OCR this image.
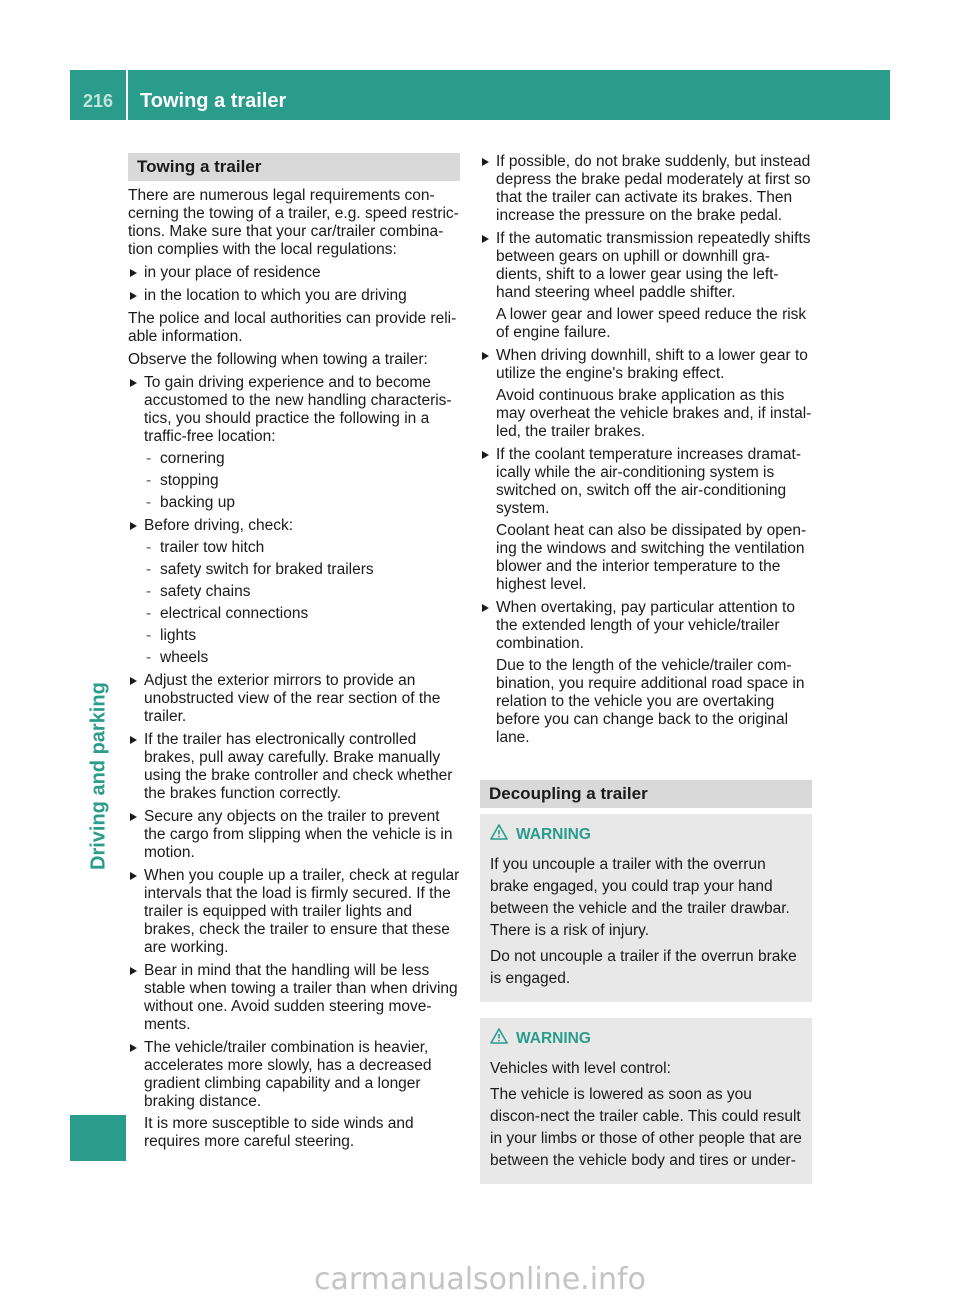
216	Towing a trailer
Driving and parking
Towing a trailer

There are numerous legal requirements con-cerning the towing of a trailer, e.g. speed restric-tions. Make sure that your car/trailer combina-tion complies with the local regulations:

in your place of residence
in the location to which you are driving

The police and local authorities can provide reli-able information.

Observe the following when towing a trailer:

To gain driving experience and to become accustomed to the new handling characteris-tics, you should practice the following in a traffic-free location:
- cornering
- stopping
- backing up
Before driving, check:
- trailer tow hitch
- safety switch for braked trailers
- safety chains
- electrical connections
- lights
- wheels
Adjust the exterior mirrors to provide an unobstructed view of the rear section of the trailer.
If the trailer has electronically controlled brakes, pull away carefully. Brake manually using the brake controller and check whether the brakes function correctly.
Secure any objects on the trailer to prevent the cargo from slipping when the vehicle is in motion.
When you couple up a trailer, check at regular intervals that the load is firmly secured. If the trailer is equipped with trailer lights and brakes, check the trailer to ensure that these are working.
Bear in mind that the handling will be less stable when towing a trailer than when driving without one. Avoid sudden steering move-ments.
The vehicle/trailer combination is heavier, accelerates more slowly, has a decreased gradient climbing capability and a longer braking distance.

It is more susceptible to side winds and requires more careful steering.

If possible, do not brake suddenly, but instead depress the brake pedal moderately at first so that the trailer can activate its brakes. Then increase the pressure on the brake pedal.
If the automatic transmission repeatedly shifts between gears on uphill or downhill gra-dients, shift to a lower gear using the left-hand steering wheel paddle shifter.

A lower gear and lower speed reduce the risk of engine failure.

When driving downhill, shift to a lower gear to utilize the engine's braking effect.

Avoid continuous brake application as this may overheat the vehicle brakes and, if instal-led, the trailer brakes.

If the coolant temperature increases dramat-ically while the air-conditioning system is switched on, switch off the air-conditioning system.

Coolant heat can also be dissipated by open-ing the windows and switching the ventilation blower and the interior temperature to the highest level.

When overtaking, pay particular attention to the extended length of your vehicle/trailer combination.

Due to the length of the vehicle/trailer com-bination, you require additional road space in relation to the vehicle you are overtaking before you can change back to the original lane.

Decoupling a trailer
WARNING

If you uncouple a trailer with the overrun brake engaged, you could trap your hand between the vehicle and the trailer drawbar. There is a risk of injury.

Do not uncouple a trailer if the overrun brake is engaged.

WARNING

Vehicles with level control:

The vehicle is lowered as soon as you discon-nect the trailer cable. This could result in your limbs or those of other people that are between the vehicle body and tires or under-

carmanualsonline.info
